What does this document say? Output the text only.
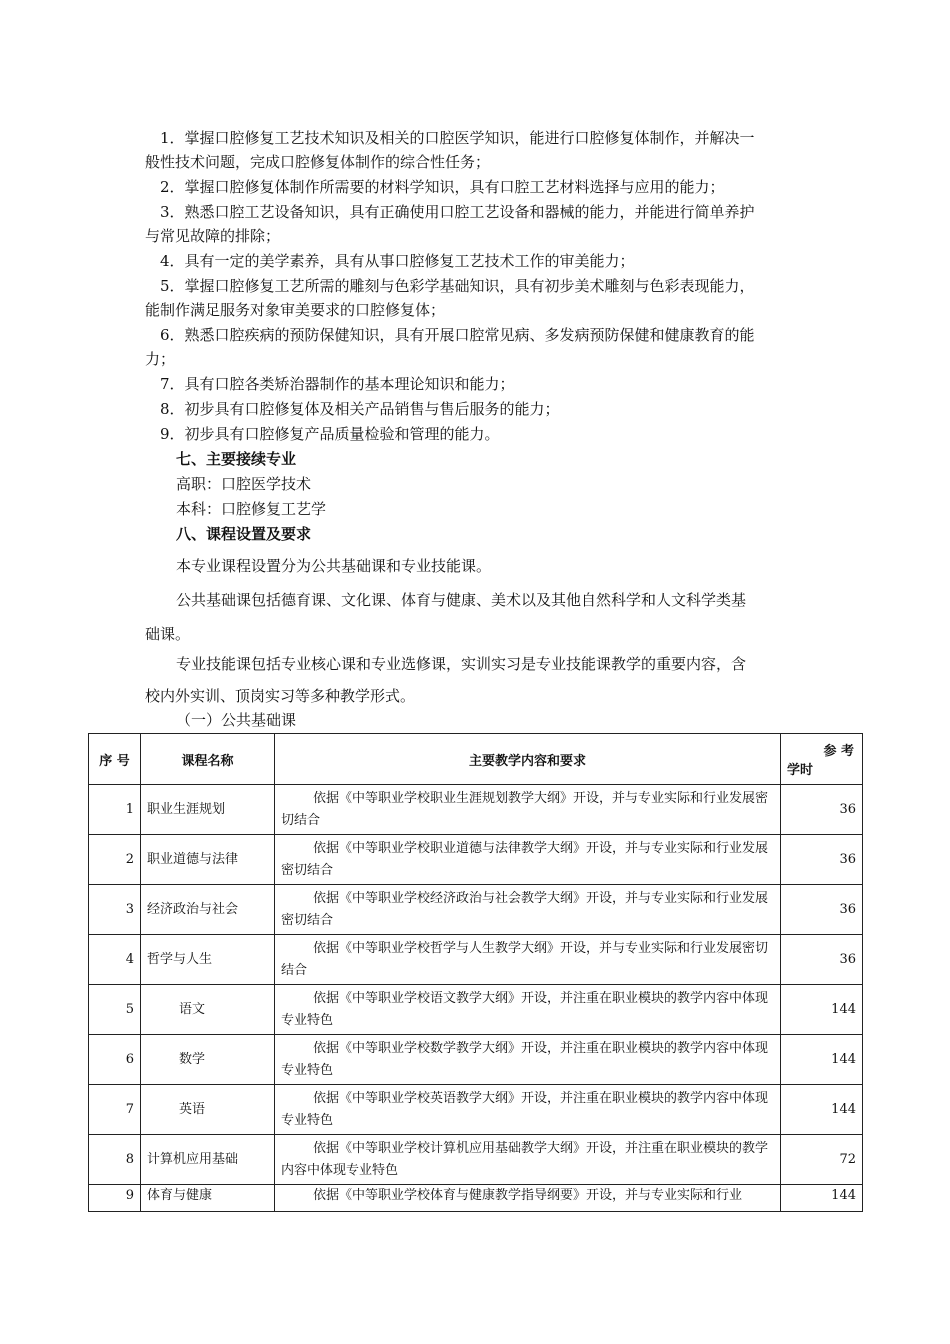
1．掌握口腔修复工艺技术知识及相关的口腔医学知识，能进行口腔修复体制作，并解决一
般性技术问题，完成口腔修复体制作的综合性任务；
2．掌握口腔修复体制作所需要的材料学知识，具有口腔工艺材料选择与应用的能力；
3．熟悉口腔工艺设备知识，具有正确使用口腔工艺设备和器械的能力，并能进行简单养护
与常见故障的排除；
4．具有一定的美学素养，具有从事口腔修复工艺技术工作的审美能力；
5．掌握口腔修复工艺所需的雕刻与色彩学基础知识，具有初步美术雕刻与色彩表现能力，
能制作满足服务对象审美要求的口腔修复体；
6．熟悉口腔疾病的预防保健知识，具有开展口腔常见病、多发病预防保健和健康教育的能
力；
7．具有口腔各类矫治器制作的基本理论知识和能力；
8．初步具有口腔修复体及相关产品销售与售后服务的能力；
9．初步具有口腔修复产品质量检验和管理的能力。
七、主要接续专业
高职：口腔医学技术
本科：口腔修复工艺学
八、课程设置及要求
本专业课程设置分为公共基础课和专业技能课。
公共基础课包括德育课、文化课、体育与健康、美术以及其他自然科学和人文科学类基
础课。
专业技能课包括专业核心课和专业选修课，实训实习是专业技能课教学的重要内容，含
校内外实训、顶岗实习等多种教学形式。
（一）公共基础课
序 号	课程名称	主要教学内容和要求	参 考
学时

1	职业生涯规划	依据《中等职业学校职业生涯规划教学大纲》开设，并与专业实际和行业发展密切结合	36
2	职业道德与法律	依据《中等职业学校职业道德与法律教学大纲》开设，并与专业实际和行业发展密切结合	36
3	经济政治与社会	依据《中等职业学校经济政治与社会教学大纲》开设，并与专业实际和行业发展密切结合	36
4	哲学与人生	依据《中等职业学校哲学与人生教学大纲》开设，并与专业实际和行业发展密切结合	36
5	语文	依据《中等职业学校语文教学大纲》开设，并注重在职业模块的教学内容中体现专业特色	144
6	数学	依据《中等职业学校数学教学大纲》开设，并注重在职业模块的教学内容中体现专业特色	144
7	英语	依据《中等职业学校英语教学大纲》开设，并注重在职业模块的教学内容中体现专业特色	144
8	计算机应用基础	依据《中等职业学校计算机应用基础教学大纲》开设，并注重在职业模块的教学内容中体现专业特色	72
9	体育与健康	依据《中等职业学校体育与健康教学指导纲要》开设，并与专业实际和行业	144
